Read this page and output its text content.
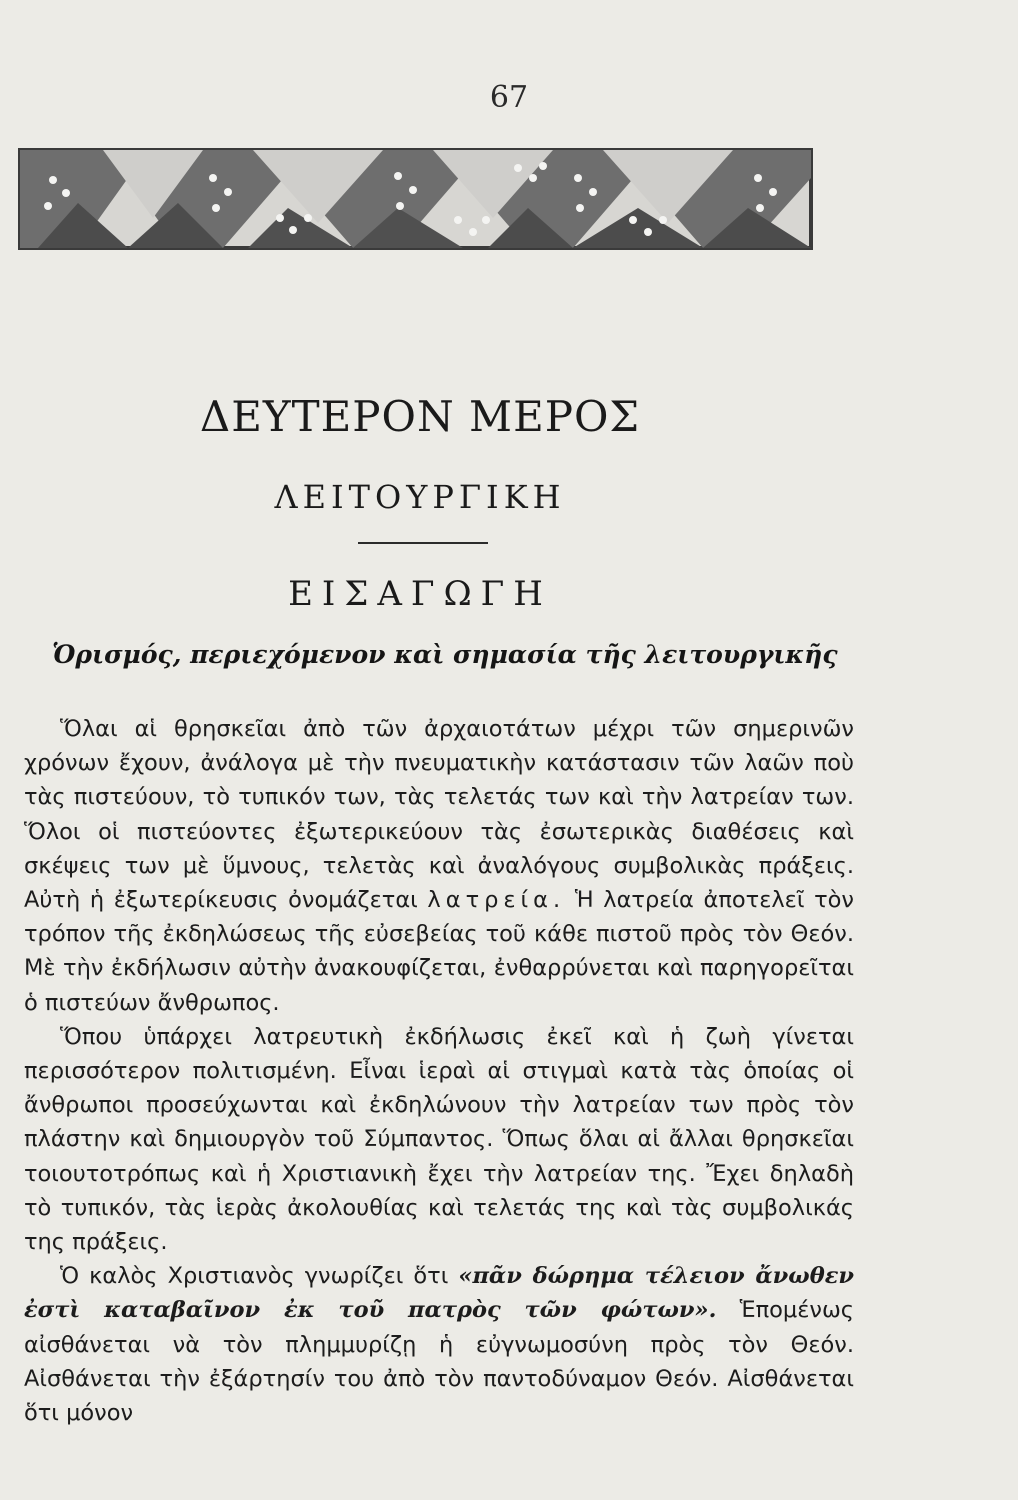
67
ΔΕΥΤΕΡΟΝ ΜΕΡΟΣ
ΛΕΙΤΟΥΡΓΙΚΗ
ΕΙΣΑΓΩΓΗ
Ὁρισμός, περιεχόμενον καὶ σημασία τῆς λειτουργικῆς

Ὅλαι αἱ θρησκεῖαι ἀπὸ τῶν ἀρχαιοτάτων μέχρι τῶν σημερινῶν χρόνων ἔχουν, ἀνάλογα μὲ τὴν πνευματικὴν κατάστασιν τῶν λαῶν ποὺ τὰς πιστεύουν, τὸ τυπικόν των, τὰς τελετάς των καὶ τὴν λατρείαν των. Ὅλοι οἱ πιστεύοντες ἐξωτερικεύουν τὰς ἐσωτερικὰς διαθέσεις καὶ σκέψεις των μὲ ὕμνους, τελετὰς καὶ ἀναλόγους συμβολικὰς πράξεις. Αὐτὴ ἡ ἐξωτερίκευσις ὀνομάζεται λατρεία. Ἡ λατρεία ἀποτελεῖ τὸν τρόπον τῆς ἐκδηλώσεως τῆς εὐσεβείας τοῦ κάθε πιστοῦ πρὸς τὸν Θεόν. Μὲ τὴν ἐκδήλωσιν αὐτὴν ἀνακουφίζεται, ἐνθαρρύνεται καὶ παρηγορεῖται ὁ πιστεύων ἄνθρωπος.

Ὅπου ὑπάρχει λατρευτικὴ ἐκδήλωσις ἐκεῖ καὶ ἡ ζωὴ γίνεται περισσότερον πολιτισμένη. Εἶναι ἱεραὶ αἱ στιγμαὶ κατὰ τὰς ὁποίας οἱ ἄνθρωποι προσεύχωνται καὶ ἐκδηλώνουν τὴν λατρείαν των πρὸς τὸν πλάστην καὶ δημιουργὸν τοῦ Σύμπαντος. Ὅπως ὅλαι αἱ ἄλλαι θρησκεῖαι τοιουτοτρόπως καὶ ἡ Χριστιανικὴ ἔχει τὴν λατρείαν της. Ἔχει δηλαδὴ τὸ τυπικόν, τὰς ἱερὰς ἀκολουθίας καὶ τελετάς της καὶ τὰς συμβολικάς της πράξεις.

Ὁ καλὸς Χριστιανὸς γνωρίζει ὅτι «πᾶν δώρημα τέλειον ἄνωθεν ἐστὶ καταβαῖνον ἐκ τοῦ πατρὸς τῶν φώτων». Ἑπομένως αἰσθάνεται νὰ τὸν πλημμυρίζῃ ἡ εὐγνωμοσύνη πρὸς τὸν Θεόν. Αἰσθάνεται τὴν ἐξάρτησίν του ἀπὸ τὸν παντοδύναμον Θεόν. Αἰσθάνεται ὅτι μόνον
